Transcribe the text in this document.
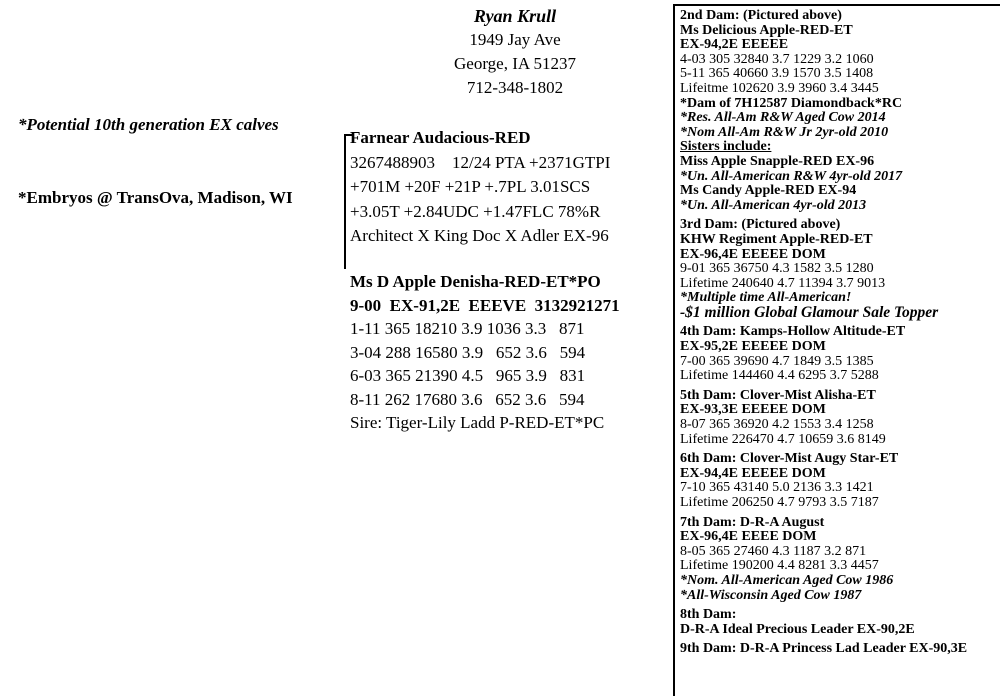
Ryan Krull
1949 Jay Ave
George, IA 51237
712-348-1802
*Potential 10th generation EX calves
*Embryos @ TransOva, Madison, WI
Farnear Audacious-RED
3267488903    12/24 PTA +2371GTPI
+701M +20F +21P +.7PL 3.01SCS
+3.05T +2.84UDC +1.47FLC 78%R
Architect X King Doc X Adler EX-96
Ms D Apple Denisha-RED-ET*PO
9-00  EX-91,2E  EEEVE  3132921271
1-11 365 18210 3.9 1036 3.3   871
3-04 288 16580 3.9   652 3.6   594
6-03 365 21390 4.5   965 3.9   831
8-11 262 17680 3.6   652 3.6   594
Sire: Tiger-Lily Ladd P-RED-ET*PC
2nd Dam: (Pictured above)
Ms Delicious Apple-RED-ET
EX-94,2E EEEEE
4-03 305 32840 3.7 1229 3.2 1060
5-11 365 40660 3.9 1570 3.5 1408
Lifeitme 102620 3.9 3960 3.4 3445
*Dam of 7H12587 Diamondback*RC
*Res. All-Am R&W Aged Cow 2014
*Nom All-Am R&W Jr 2yr-old 2010
Sisters include:
Miss Apple Snapple-RED EX-96
*Un. All-American R&W 4yr-old 2017
Ms Candy Apple-RED EX-94
*Un. All-American 4yr-old 2013
3rd Dam: (Pictured above)
KHW Regiment Apple-RED-ET
EX-96,4E EEEEE DOM
9-01 365 36750 4.3 1582 3.5 1280
Lifetime 240640 4.7 11394 3.7 9013
*Multiple time All-American!
-$1 million Global Glamour Sale Topper
4th Dam: Kamps-Hollow Altitude-ET
EX-95,2E EEEEE DOM
7-00 365 39690 4.7 1849 3.5 1385
Lifetime 144460 4.4 6295 3.7 5288
5th Dam: Clover-Mist Alisha-ET
EX-93,3E EEEEE DOM
8-07 365 36920 4.2 1553 3.4 1258
Lifetime 226470 4.7 10659 3.6 8149
6th Dam: Clover-Mist Augy Star-ET
EX-94,4E EEEEE DOM
7-10 365 43140 5.0 2136 3.3 1421
Lifetime 206250 4.7 9793 3.5 7187
7th Dam: D-R-A August
EX-96,4E EEEE DOM
8-05 365 27460 4.3 1187 3.2 871
Lifetime 190200 4.4 8281 3.3 4457
*Nom. All-American Aged Cow 1986
*All-Wisconsin Aged Cow 1987
8th Dam:
D-R-A Ideal Precious Leader EX-90,2E
9th Dam: D-R-A Princess Lad Leader EX-90,3E
